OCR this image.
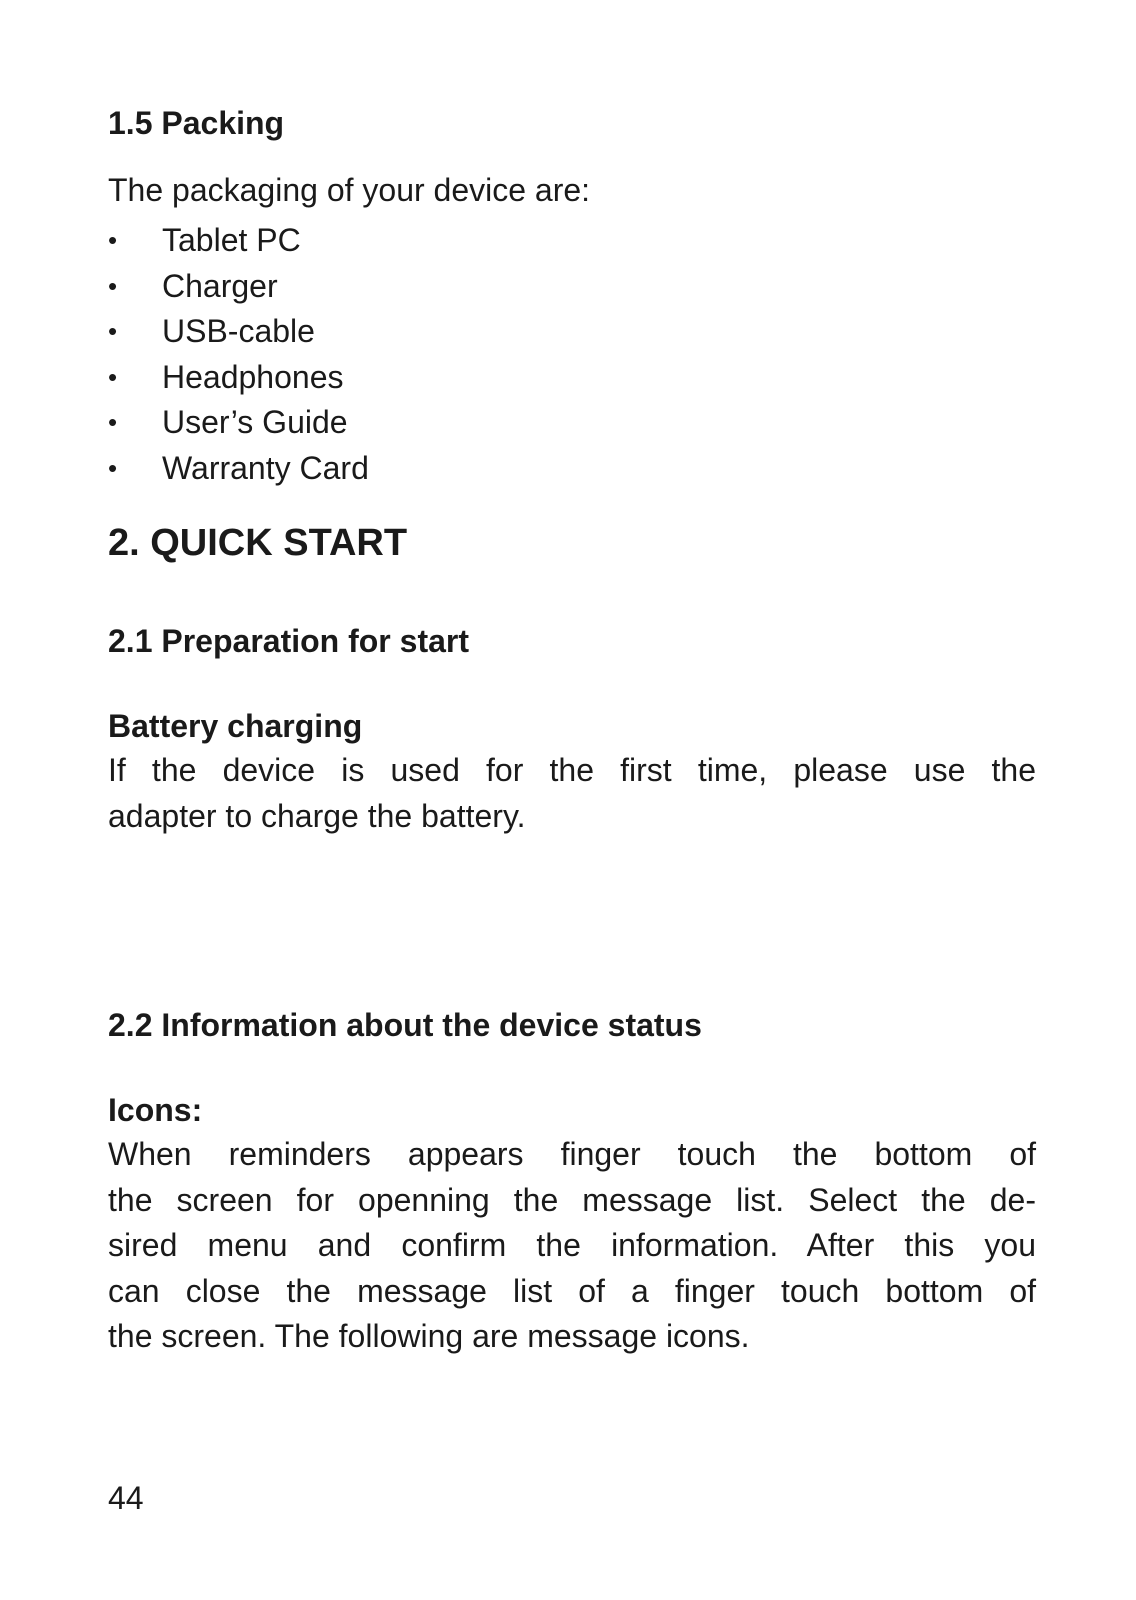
1.5 Packing

The packaging of your device are:

•	Tablet PC
•	Charger
•	USB-cable
•	Headphones
•	User’s Guide
•	Warranty Card
2. QUICK START
2.1 Preparation for start
Battery charging

If the device is used for the first time, please use the
adapter to charge the battery.

2.2 Information about the device status
Icons:

When reminders appears finger touch the bottom of
the screen for openning the message list. Select the de-
sired menu and confirm the information. After this you
can close the message list of a finger touch bottom of
the screen. The following are message icons.

44
